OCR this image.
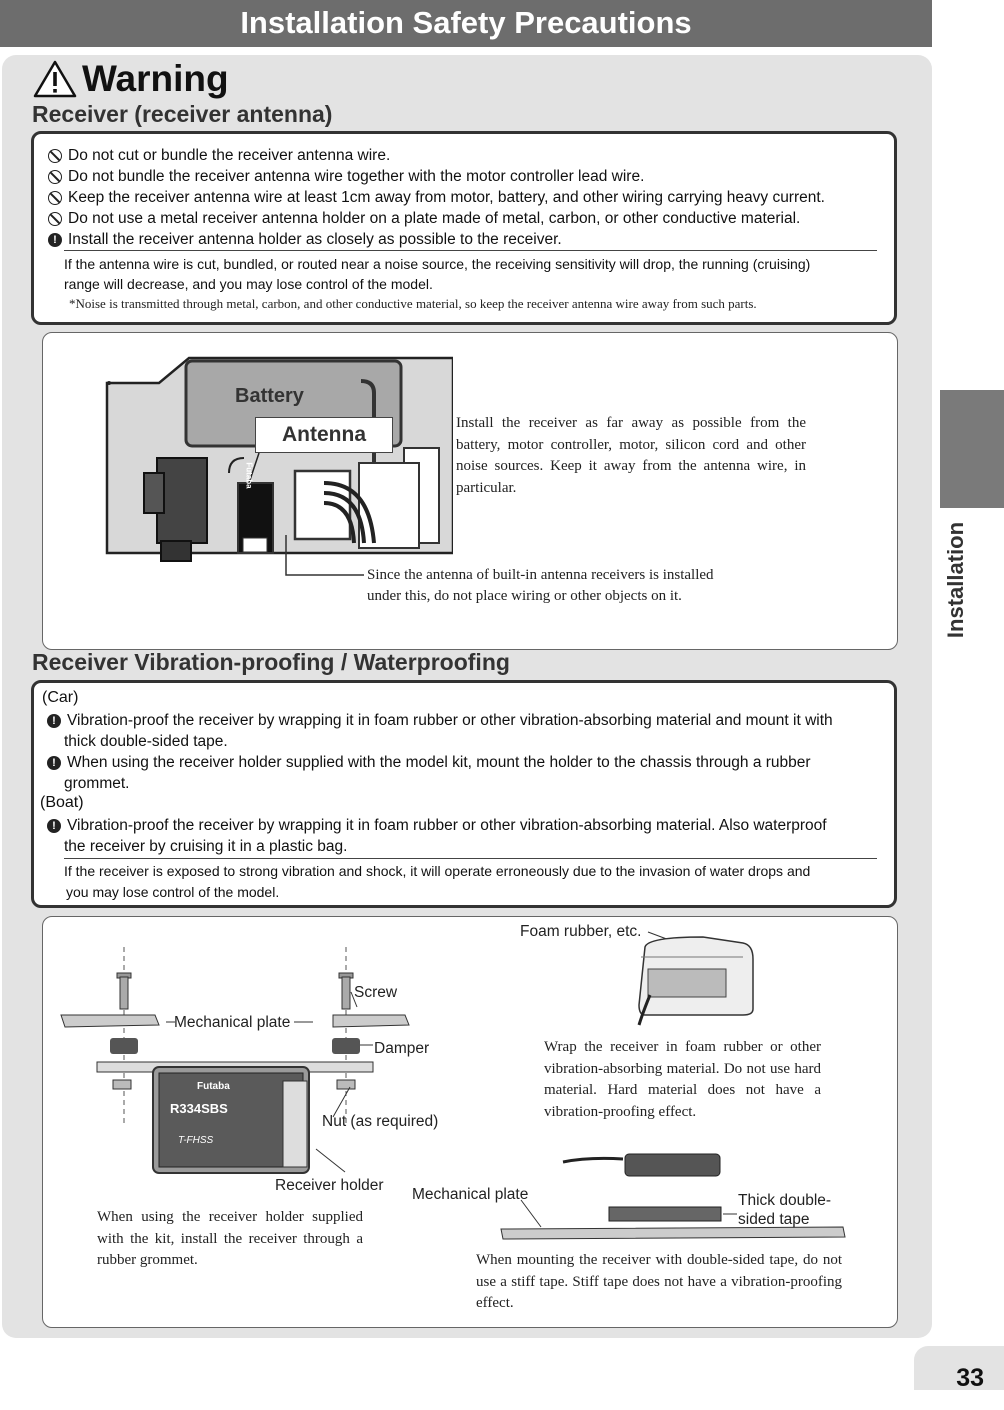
Installation Safety Precautions
Warning
Receiver (receiver antenna)
Do not cut or bundle the receiver antenna wire.
Do not bundle the receiver antenna wire together with the motor controller lead wire.
Keep the receiver antenna wire at least 1cm away from motor, battery, and other wiring carrying heavy current.
Do not use a metal receiver antenna holder on a plate made of metal, carbon, or other conductive material.
! Install the receiver antenna holder as closely as possible to the receiver.
If the antenna wire is cut, bundled, or routed near a noise source, the receiving sensitivity will drop, the running (cruising)
range will decrease, and you may lose control of the model.
*Noise is transmitted through metal, carbon, and other conductive material, so keep the receiver antenna wire away from such parts.
Battery
Antenna
Futaba
Install the receiver as far away as possible from the battery, motor controller, motor, silicon cord and other noise sources. Keep it away from the antenna wire, in particular.
Since the antenna of built-in antenna receivers is installed
under this, do not place wiring or other objects on it.
Receiver Vibration-proofing / Waterproofing
(Car)
! Vibration-proof the receiver by wrapping it in foam rubber or other vibration-absorbing material and mount it with
thick double-sided tape.
! When using the receiver holder supplied with the model kit, mount the holder to the chassis through a rubber
grommet.
(Boat)
! Vibration-proof the receiver by wrapping it in foam rubber or other vibration-absorbing material. Also waterproof
the receiver by cruising it in a plastic bag.
If the receiver is exposed to strong vibration and shock, it will operate erroneously due to the invasion of water drops and
you may lose control of the model.
Screw
Mechanical plate
Damper
Nut (as required)
Receiver holder
Futaba
R334SBS
T-FHSS
When using the receiver holder supplied with the kit, install the receiver through a rubber grommet.
Foam rubber, etc.
Wrap the receiver in foam rubber or other vibration-absorbing material. Do not use hard material. Hard material does not have a vibration-proofing effect.
Mechanical plate	Thick double-
sided tape
When mounting the receiver with double-sided tape, do not use a stiff tape. Stiff tape does not have a vibration-proofing effect.
Installation
33
